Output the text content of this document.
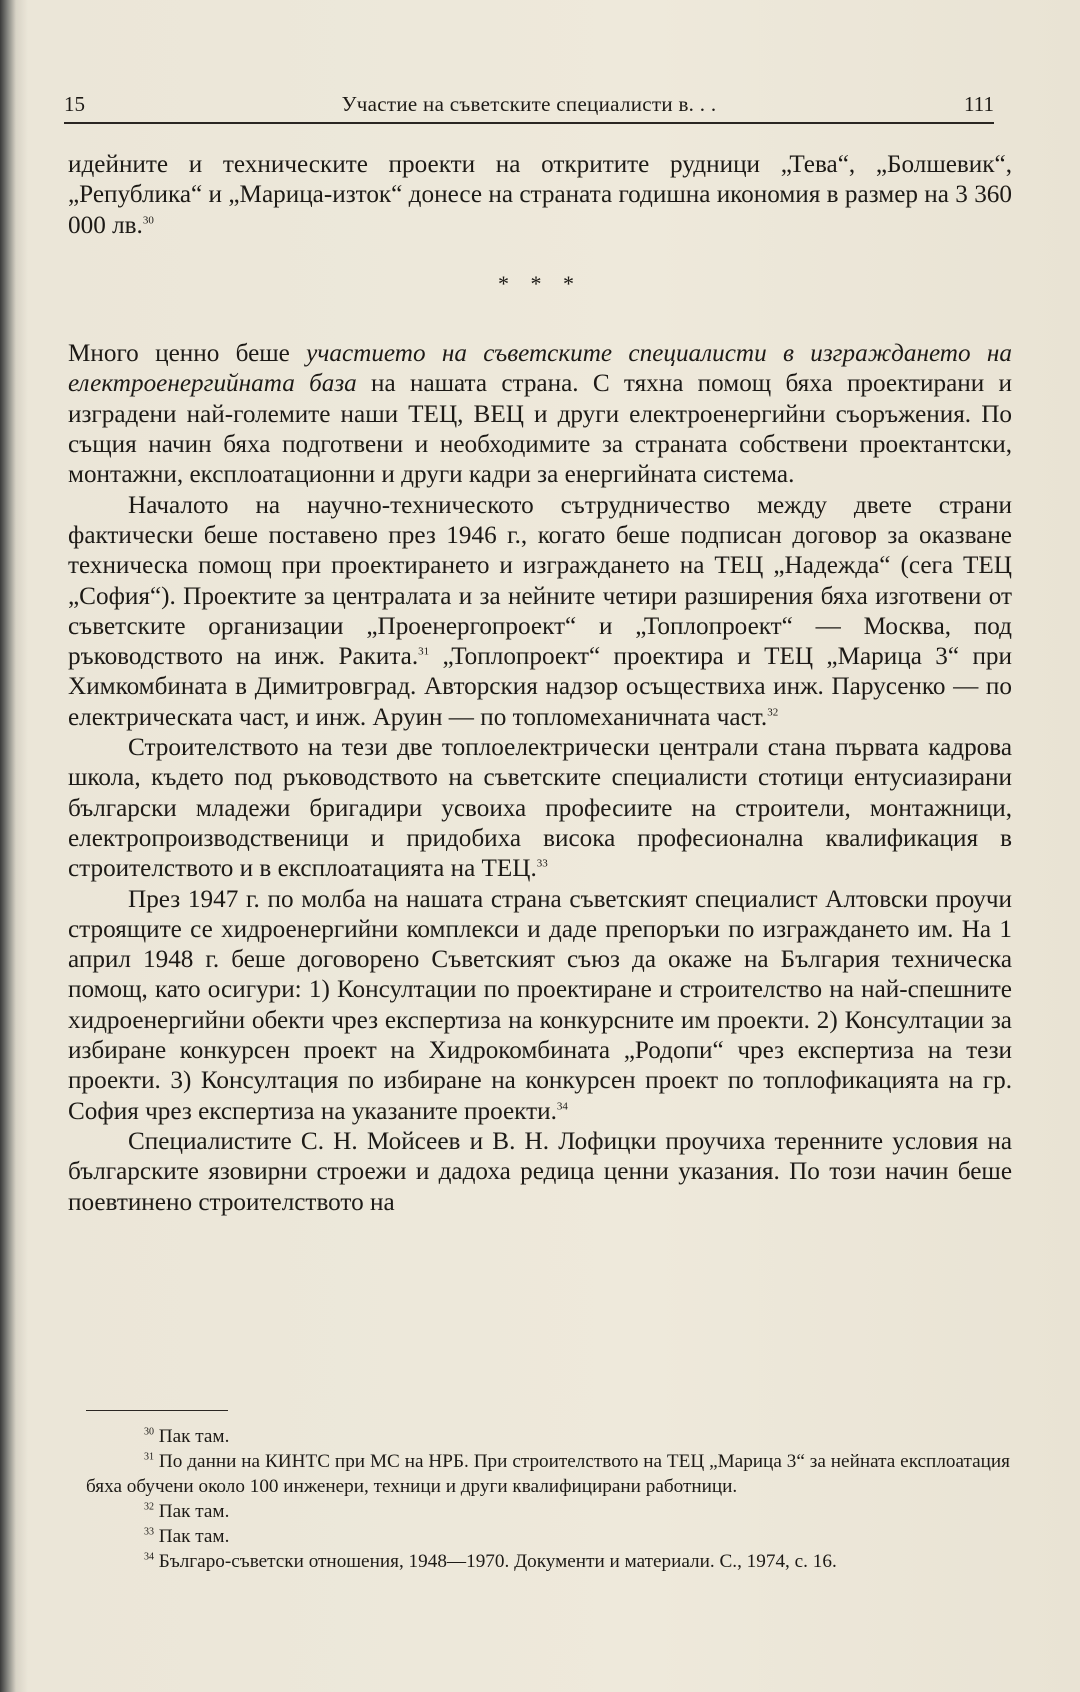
15	Участие на съветските специалисти в. . .	111

идейните и техническите проекти на откритите рудници „Тева“, „Болшевик“, „Република“ и „Марица-изток“ донесе на страната годишна икономия в размер на 3 360 000 лв.$^{30}$

* * *

Много ценно беше участието на съветските специалисти в изграждането на електроенергийната база на нашата страна. С тяхна помощ бяха проектирани и изградени най-големите наши ТЕЦ, ВЕЦ и други електроенергийни съоръжения. По същия начин бяха подготвени и необходимите за страната собствени проектантски, монтажни, експлоатационни и други кадри за енергийната система.

Началото на научно-техническото сътрудничество между двете страни фактически беше поставено през 1946 г., когато беше подписан договор за оказване техническа помощ при проектирането и изграждането на ТЕЦ „Надежда“ (сега ТЕЦ „София“). Проектите за централата и за нейните четири разширения бяха изготвени от съветските организации „Проенергопроект“ и „Топлопроект“ — Москва, под ръководството на инж. Ракита.$^{31}$ „Топлопроект“ проектира и ТЕЦ „Марица 3“ при Химкомбината в Димитровград. Авторския надзор осъществиха инж. Парусенко — по електрическата част, и инж. Аруин — по топломеханичната част.$^{32}$

Строителството на тези две топлоелектрически централи стана първата кадрова школа, където под ръководството на съветските специалисти стотици ентусиазирани български младежи бригадири усвоиха професиите на строители, монтажници, електропроизводственици и придобиха висока професионална квалификация в строителството и в експлоатацията на ТЕЦ.$^{33}$

През 1947 г. по молба на нашата страна съветският специалист Алтовски проучи строящите се хидроенергийни комплекси и даде препоръки по изграждането им. На 1 април 1948 г. беше договорено Съветският съюз да окаже на България техническа помощ, като осигури: 1) Консултации по проектиране и строителство на най-спешните хидроенергийни обекти чрез експертиза на конкурсните им проекти. 2) Консултации за избиране конкурсен проект на Хидрокомбината „Родопи“ чрез експертиза на тези проекти. 3) Консултация по избиране на конкурсен проект по топлофикацията на гр. София чрез експертиза на указаните проекти.$^{34}$

Специалистите С. Н. Мойсеев и В. Н. Лофицки проучиха теренните условия на българските язовирни строежи и дадоха редица ценни указания. По този начин беше поевтинено строителството на

$^{30}$ Пак там.

$^{31}$ По данни на КИНТС при МС на НРБ. При строителството на ТЕЦ „Марица 3“ за нейната експлоатация бяха обучени около 100 инженери, техници и други квалифицирани работници.

$^{32}$ Пак там.

$^{33}$ Пак там.

$^{34}$ Българо-съветски отношения, 1948—1970. Документи и материали. С., 1974, с. 16.
